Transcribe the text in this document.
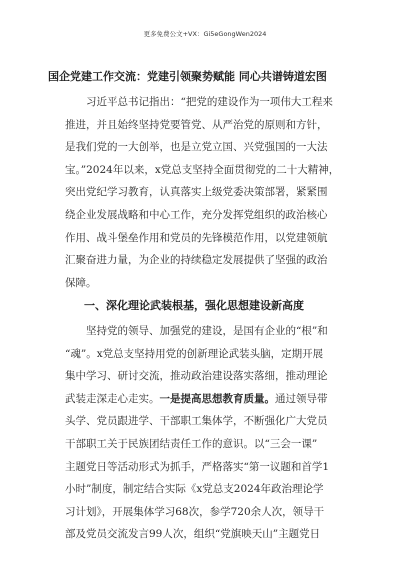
更多免费公文+VX：Gi5eGongWen2024
国企党建工作交流：党建引领聚势赋能 同心共谱铸道宏图
习近平总书记指出：“把党的建设作为一项伟大工程来
推进，并且始终坚持党要管党、从严治党的原则和方针，
是我们党的一大创举，也是立党立国、兴党强国的一大法
宝。”2024年以来，x党总支坚持全面贯彻党的二十大精神，
突出党纪学习教育，认真落实上级党委决策部署，紧紧围
绕企业发展战略和中心工作，充分发挥党组织的政治核心
作用、战斗堡垒作用和党员的先锋模范作用，以党建领航
汇聚奋进力量，为企业的持续稳定发展提供了坚强的政治
保障。
一、深化理论武装根基，强化思想建设新高度
坚持党的领导、加强党的建设，是国有企业的“根”和
“魂”。x党总支坚持用党的创新理论武装头脑，定期开展
集中学习、研讨交流，推动政治建设落实落细，推动理论
武装走深走心走实。一是提高思想教育质量。通过领导带
头学、党员跟进学、干部职工集体学，不断强化广大党员
干部职工关于民族团结责任工作的意识。以“三会一课”
主题党日等活动形式为抓手，严格落实“第一议题和首学1
小时”制度，制定结合实际《x党总支2024年政治理论学
习计划》，开展集体学习68次，参学720余人次，领导干
部及党员交流发言99人次，组织“党旗映天山”主题党日
